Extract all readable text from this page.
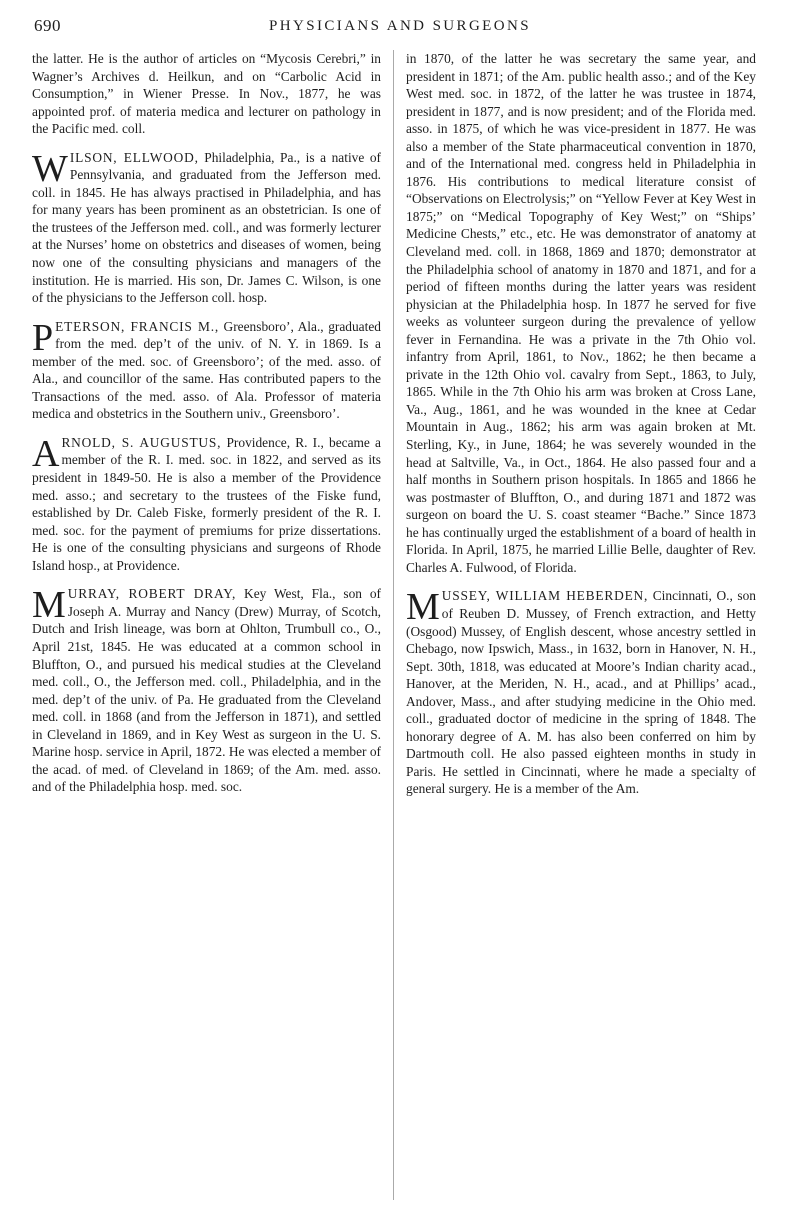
690	PHYSICIANS AND SURGEONS

the latter. He is the author of articles on “Mycosis Cerebri,” in Wagner’s Archives d. Heilkun, and on “Carbolic Acid in Consumption,” in Wiener Presse. In Nov., 1877, he was appointed prof. of materia medica and lecturer on pathology in the Pacific med. coll.

WILSON, ELLWOOD, Philadelphia, Pa., is a native of Pennsylvania, and graduated from the Jefferson med. coll. in 1845. He has always practised in Philadelphia, and has for many years has been prominent as an obstetrician. Is one of the trustees of the Jefferson med. coll., and was formerly lecturer at the Nurses’ home on obstetrics and diseases of women, being now one of the consulting physicians and managers of the institution. He is married. His son, Dr. James C. Wilson, is one of the physicians to the Jefferson coll. hosp.

PETERSON, FRANCIS M., Greensboro’, Ala., graduated from the med. dep’t of the univ. of N. Y. in 1869. Is a member of the med. soc. of Greensboro’; of the med. asso. of Ala., and councillor of the same. Has contributed papers to the Transactions of the med. asso. of Ala. Professor of materia medica and obstetrics in the Southern univ., Greensboro’.

ARNOLD, S. AUGUSTUS, Providence, R. I., became a member of the R. I. med. soc. in 1822, and served as its president in 1849-50. He is also a member of the Providence med. asso.; and secretary to the trustees of the Fiske fund, established by Dr. Caleb Fiske, formerly president of the R. I. med. soc. for the payment of premiums for prize dissertations. He is one of the consulting physicians and surgeons of Rhode Island hosp., at Providence.

MURRAY, ROBERT DRAY, Key West, Fla., son of Joseph A. Murray and Nancy (Drew) Murray, of Scotch, Dutch and Irish lineage, was born at Ohlton, Trumbull co., O., April 21st, 1845. He was educated at a common school in Bluffton, O., and pursued his medical studies at the Cleveland med. coll., O., the Jefferson med. coll., Philadelphia, and in the med. dep’t of the univ. of Pa. He graduated from the Cleveland med. coll. in 1868 (and from the Jefferson in 1871), and settled in Cleveland in 1869, and in Key West as surgeon in the U. S. Marine hosp. service in April, 1872. He was elected a member of the acad. of med. of Cleveland in 1869; of the Am. med. asso. and of the Philadelphia hosp. med. soc.

in 1870, of the latter he was secretary the same year, and president in 1871; of the Am. public health asso.; and of the Key West med. soc. in 1872, of the latter he was trustee in 1874, president in 1877, and is now president; and of the Florida med. asso. in 1875, of which he was vice-president in 1877. He was also a member of the State pharmaceutical convention in 1870, and of the International med. congress held in Philadelphia in 1876. His contributions to medical literature consist of “Observations on Electrolysis;” on “Yellow Fever at Key West in 1875;” on “Medical Topography of Key West;” on “Ships’ Medicine Chests,” etc., etc. He was demonstrator of anatomy at Cleveland med. coll. in 1868, 1869 and 1870; demonstrator at the Philadelphia school of anatomy in 1870 and 1871, and for a period of fifteen months during the latter years was resident physician at the Philadelphia hosp. In 1877 he served for five weeks as volunteer surgeon during the prevalence of yellow fever in Fernandina. He was a private in the 7th Ohio vol. infantry from April, 1861, to Nov., 1862; he then became a private in the 12th Ohio vol. cavalry from Sept., 1863, to July, 1865. While in the 7th Ohio his arm was broken at Cross Lane, Va., Aug., 1861, and he was wounded in the knee at Cedar Mountain in Aug., 1862; his arm was again broken at Mt. Sterling, Ky., in June, 1864; he was severely wounded in the head at Saltville, Va., in Oct., 1864. He also passed four and a half months in Southern prison hospitals. In 1865 and 1866 he was postmaster of Bluffton, O., and during 1871 and 1872 was surgeon on board the U. S. coast steamer “Bache.” Since 1873 he has continually urged the establishment of a board of health in Florida. In April, 1875, he married Lillie Belle, daughter of Rev. Charles A. Fulwood, of Florida.

MUSSEY, WILLIAM HEBERDEN, Cincinnati, O., son of Reuben D. Mussey, of French extraction, and Hetty (Osgood) Mussey, of English descent, whose ancestry settled in Chebago, now Ipswich, Mass., in 1632, born in Hanover, N. H., Sept. 30th, 1818, was educated at Moore’s Indian charity acad., Hanover, at the Meriden, N. H., acad., and at Phillips’ acad., Andover, Mass., and after studying medicine in the Ohio med. coll., graduated doctor of medicine in the spring of 1848. The honorary degree of A. M. has also been conferred on him by Dartmouth coll. He also passed eighteen months in study in Paris. He settled in Cincinnati, where he made a specialty of general surgery. He is a member of the Am.
